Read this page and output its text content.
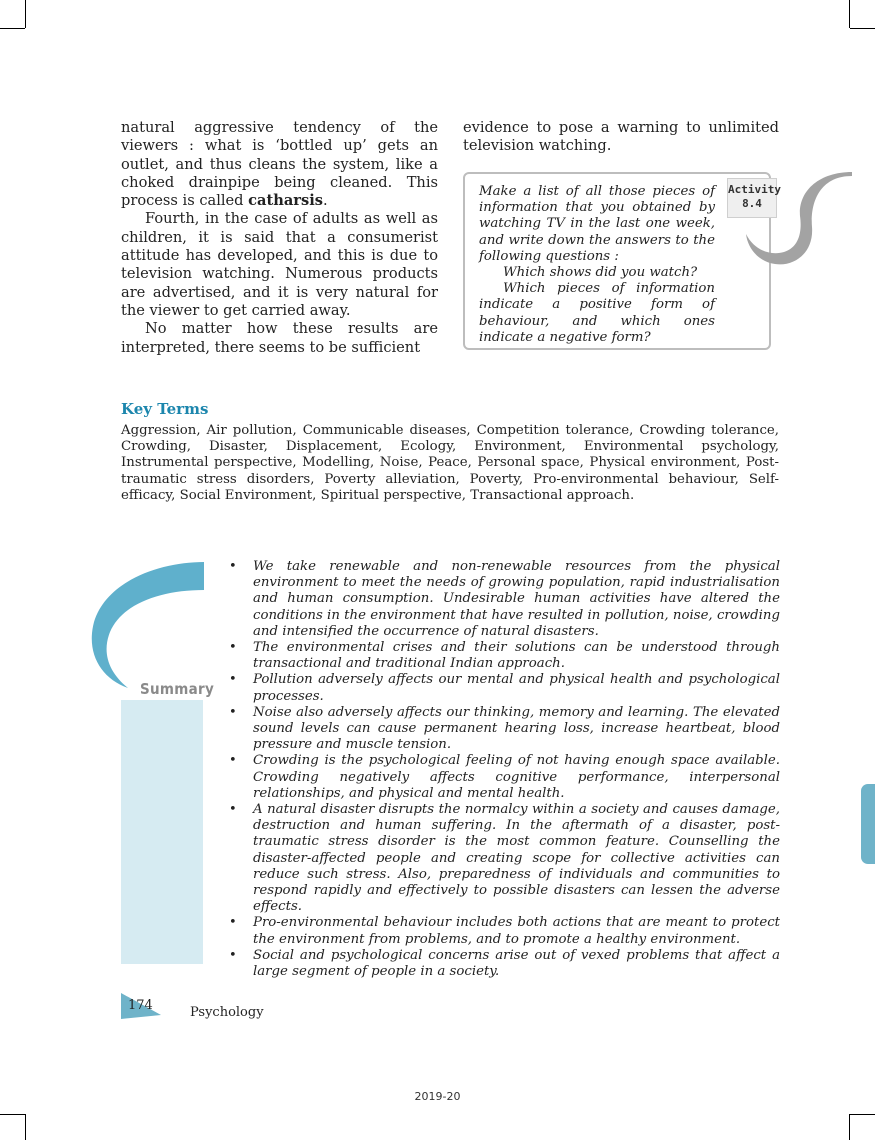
natural aggressive tendency of the viewers : what is ‘bottled up’ gets an outlet, and thus cleans the system, like a choked drainpipe being cleaned. This process is called catharsis.

Fourth, in the case of adults as well as children, it is said that a consumerist attitude has developed, and this is due to television watching. Numerous products are advertised, and it is very natural for the viewer to get carried away.

No matter how these results are interpreted, there seems to be sufficient

evidence to pose a warning to unlimited television watching.

Activity
8.4

Make a list of all those pieces of information that you obtained by watching TV in the last one week, and write down the answers to the following questions :

Which shows did you watch?

Which pieces of information indicate a positive form of behaviour, and which ones indicate a negative form?

Key Terms
Aggression, Air pollution, Communicable diseases, Competition tolerance, Crowding tolerance, Crowding, Disaster, Displacement, Ecology, Environment, Environmental psychology, Instrumental perspective, Modelling, Noise, Peace, Personal space, Physical environment, Post-traumatic stress disorders, Poverty alleviation, Poverty, Pro-environmental behaviour, Self-efficacy, Social Environment, Spiritual perspective, Transactional approach.
Summary
• We take renewable and non-renewable resources from the physical environment to meet the needs of growing population, rapid industrialisation and human consumption. Undesirable human activities have altered the conditions in the environment that have resulted in pollution, noise, crowding and intensified the occurrence of natural disasters.
• The environmental crises and their solutions can be understood through transactional and traditional Indian approach.
• Pollution adversely affects our mental and physical health and psychological processes.
• Noise also adversely affects our thinking, memory and learning. The elevated sound levels can cause permanent hearing loss, increase heartbeat, blood pressure and muscle tension.
• Crowding is the psychological feeling of not having enough space available. Crowding negatively affects cognitive performance, interpersonal relationships, and physical and mental health.
• A natural disaster disrupts the normalcy within a society and causes damage, destruction and human suffering. In the aftermath of a disaster, post-traumatic stress disorder is the most common feature. Counselling the disaster-affected people and creating scope for collective activities can reduce such stress. Also, preparedness of individuals and communities to respond rapidly and effectively to possible disasters can lessen the adverse effects.
• Pro-environmental behaviour includes both actions that are meant to protect the environment from problems, and to promote a healthy environment.
• Social and psychological concerns arise out of vexed problems that affect a large segment of people in a society.
174	Psychology
2019-20
